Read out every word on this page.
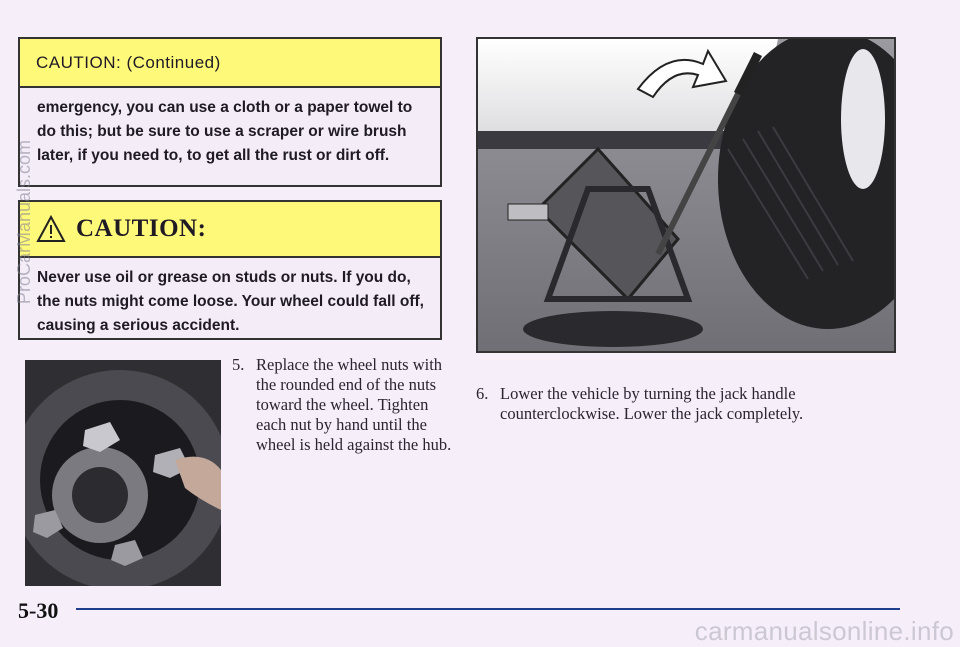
CAUTION: (Continued)
emergency, you can use a cloth or a paper towel to do this; but be sure to use a scraper or wire brush later, if you need to, to get all the rust or dirt off.
CAUTION:
Never use oil or grease on studs or nuts. If you do, the nuts might come loose. Your wheel could fall off, causing a serious accident.
5. Replace the wheel nuts with the rounded end of the nuts toward the wheel. Tighten each nut by hand until the wheel is held against the hub.
6. Lower the vehicle by turning the jack handle counterclockwise. Lower the jack completely.
5-30
ProCarManuals.com
carmanualsonline.info
